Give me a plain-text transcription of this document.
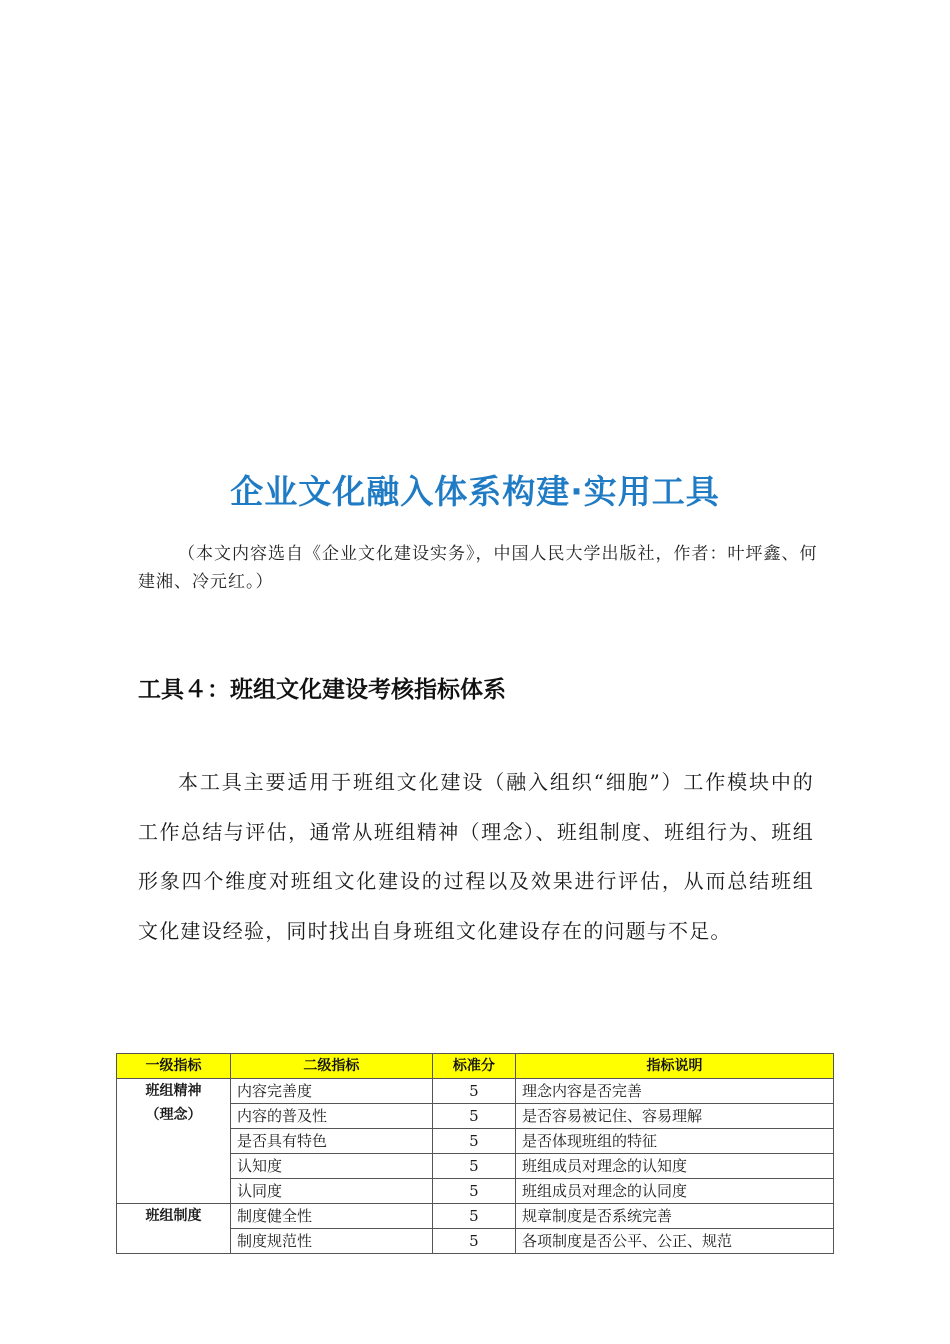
企业文化融入体系构建·实用工具
（本文内容选自《企业文化建设实务》，中国人民大学出版社，作者：叶坪鑫、何建湘、冷元红。）
工具４：班组文化建设考核指标体系
本工具主要适用于班组文化建设（融入组织“细胞”）工作模块中的工作总结与评估，通常从班组精神（理念）、班组制度、班组行为、班组形象四个维度对班组文化建设的过程以及效果进行评估，从而总结班组文化建设经验，同时找出自身班组文化建设存在的问题与不足。
一级指标	二级指标	标准分	指标说明

班组精神
（理念）	内容完善度	5	理念内容是否完善
	内容的普及性	5	是否容易被记住、容易理解
	是否具有特色	5	是否体现班组的特征
	认知度	5	班组成员对理念的认知度
	认同度	5	班组成员对理念的认同度

班组制度	制度健全性	5	规章制度是否系统完善
	制度规范性	5	各项制度是否公平、公正、规范
